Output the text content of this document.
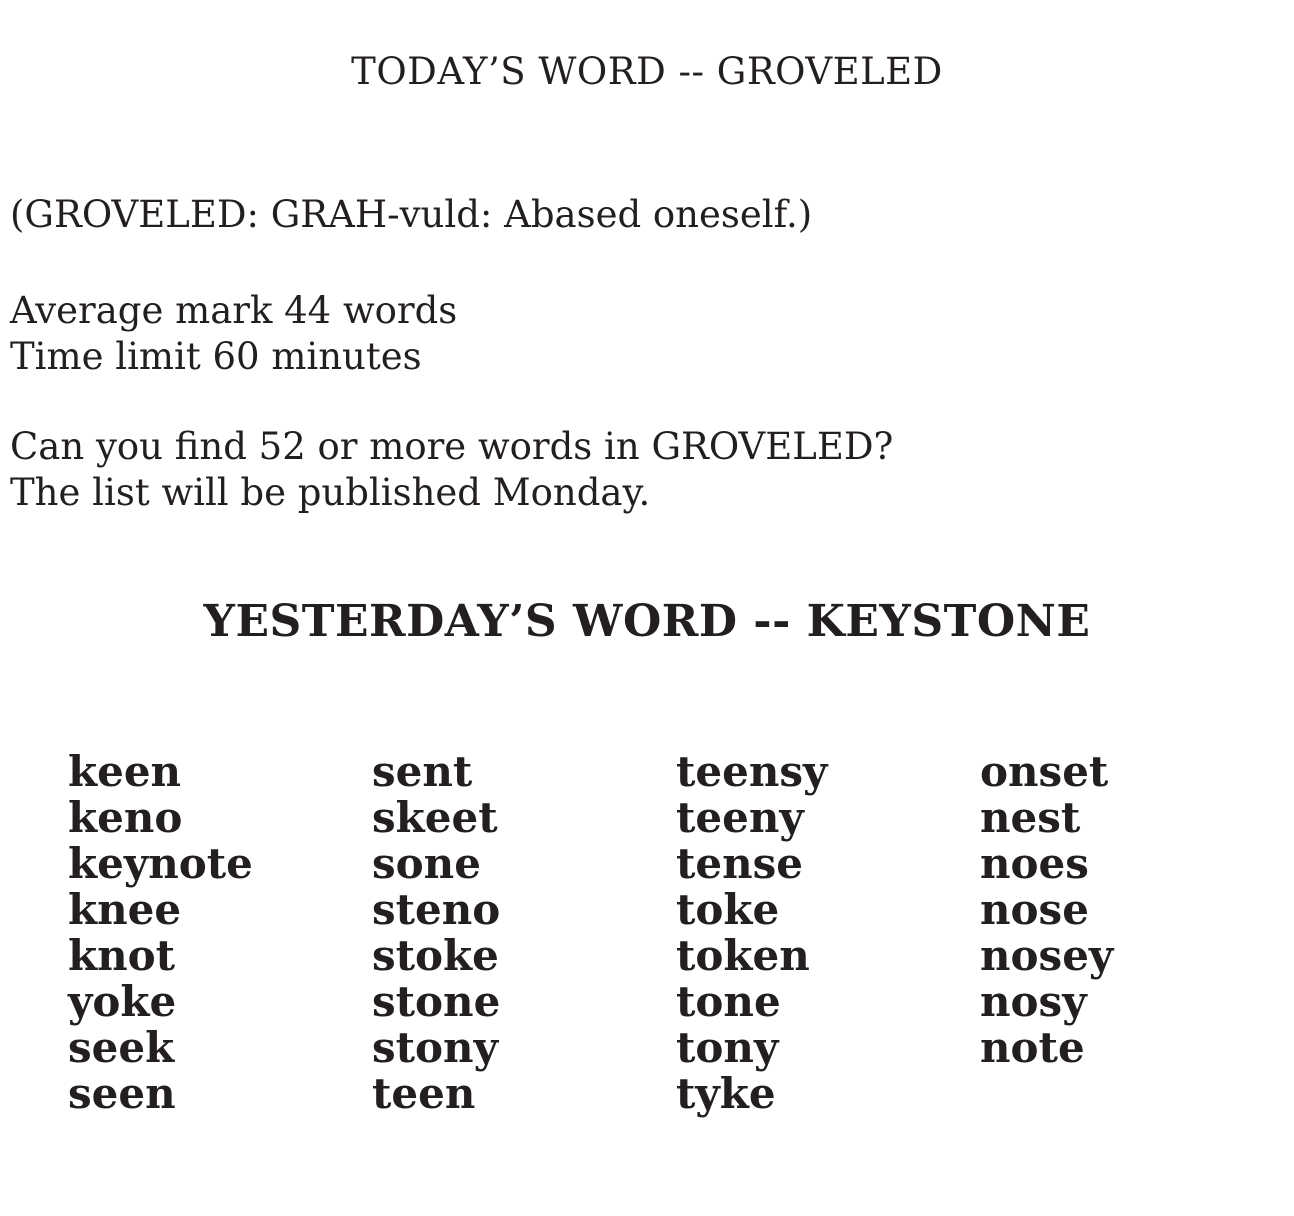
TODAY’S WORD -- GROVELED
(GROVELED: GRAH-vuld: Abased oneself.)
Average mark 44 words
Time limit 60 minutes
Can you find 52 or more words in GROVELED?
The list will be published Monday.
YESTERDAY’S WORD -- KEYSTONE
keen
keno
keynote
knee
knot
yoke
seek
seen
sent
skeet
sone
steno
stoke
stone
stony
teen
teensy
teeny
tense
toke
token
tone
tony
tyke
onset
nest
noes
nose
nosey
nosy
note
